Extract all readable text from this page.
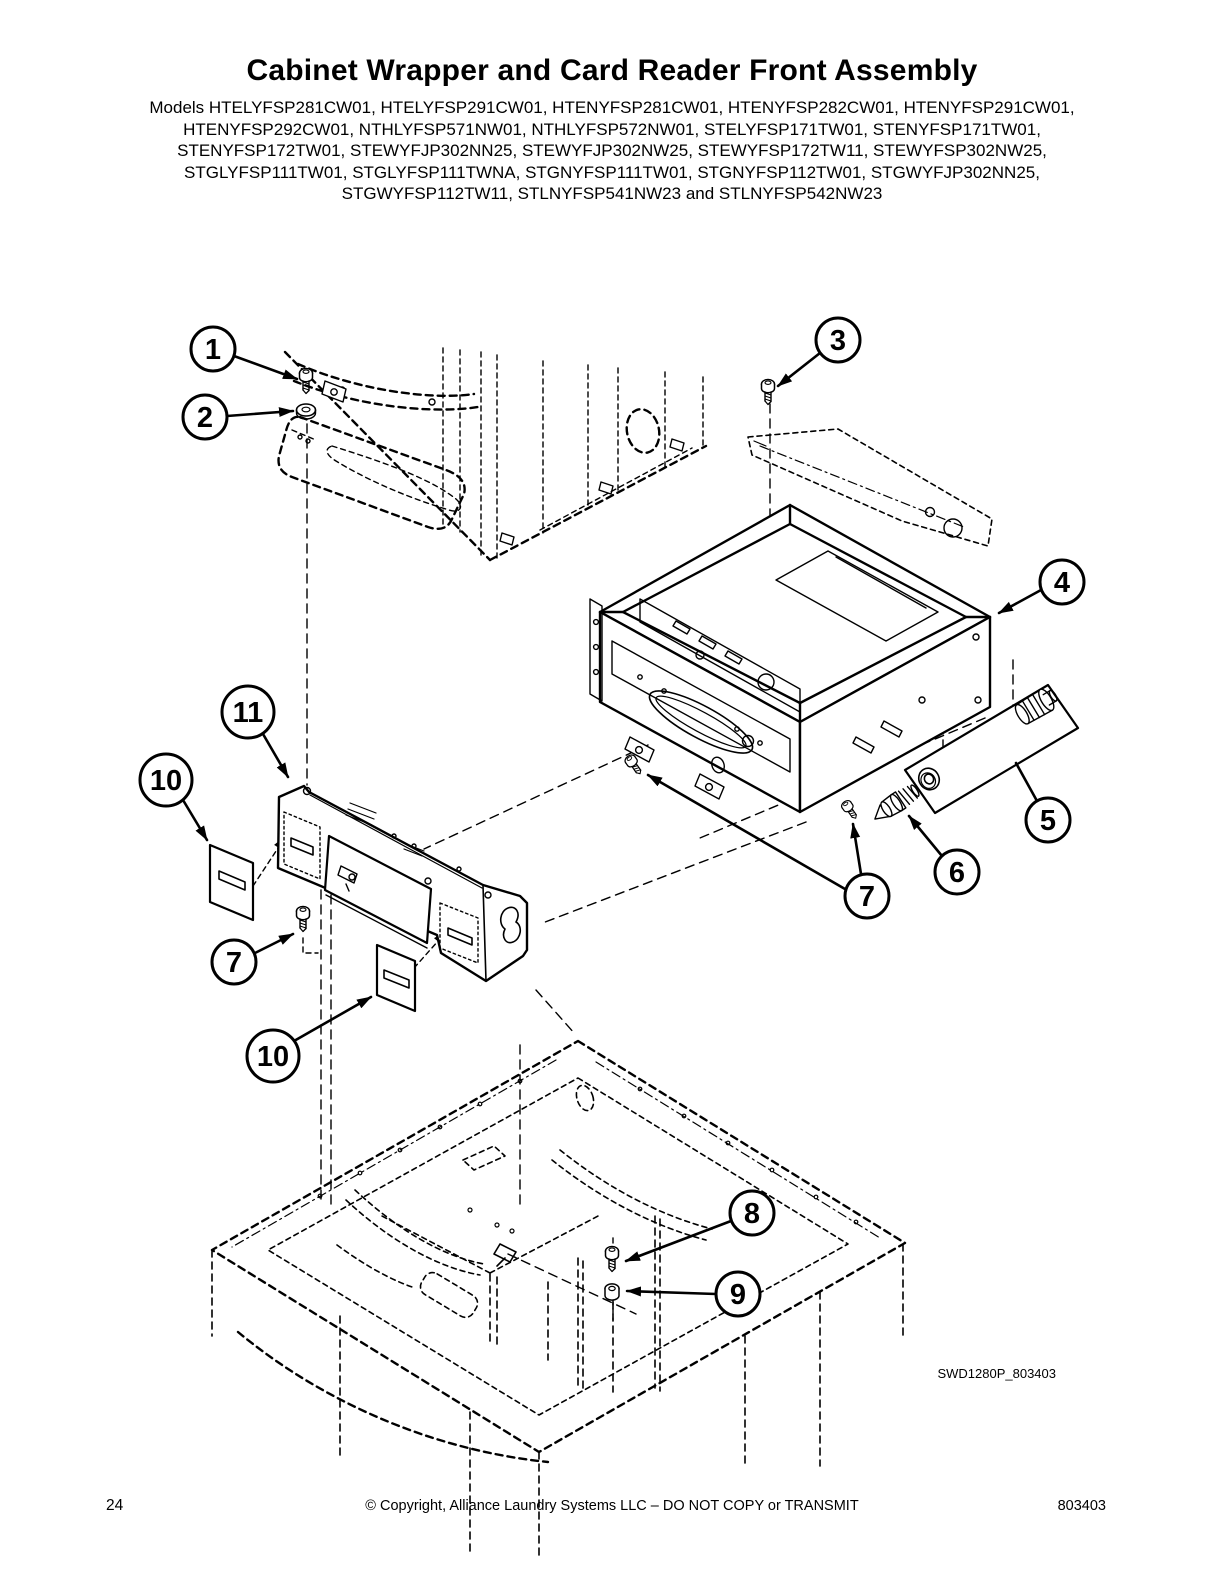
Cabinet Wrapper and Card Reader Front Assembly
Models HTELYFSP281CW01, HTELYFSP291CW01, HTENYFSP281CW01, HTENYFSP282CW01, HTENYFSP291CW01,
HTENYFSP292CW01, NTHLYFSP571NW01, NTHLYFSP572NW01, STELYFSP171TW01, STENYFSP171TW01,
STENYFSP172TW01, STEWYFJP302NN25, STEWYFJP302NW25, STEWYFSP172TW11, STEWYFSP302NW25,
STGLYFSP111TW01, STGLYFSP111TWNA, STGNYFSP111TW01, STGNYFSP112TW01, STGWYFJP302NN25,
STGWYFSP112TW11, STLNYFSP541NW23 and STLNYFSP542NW23
1
2
3
4
5
6
7
8
9
10
10
11
7
SWD1280P_803403
24	© Copyright, Alliance Laundry Systems LLC – DO NOT COPY or TRANSMIT	803403
